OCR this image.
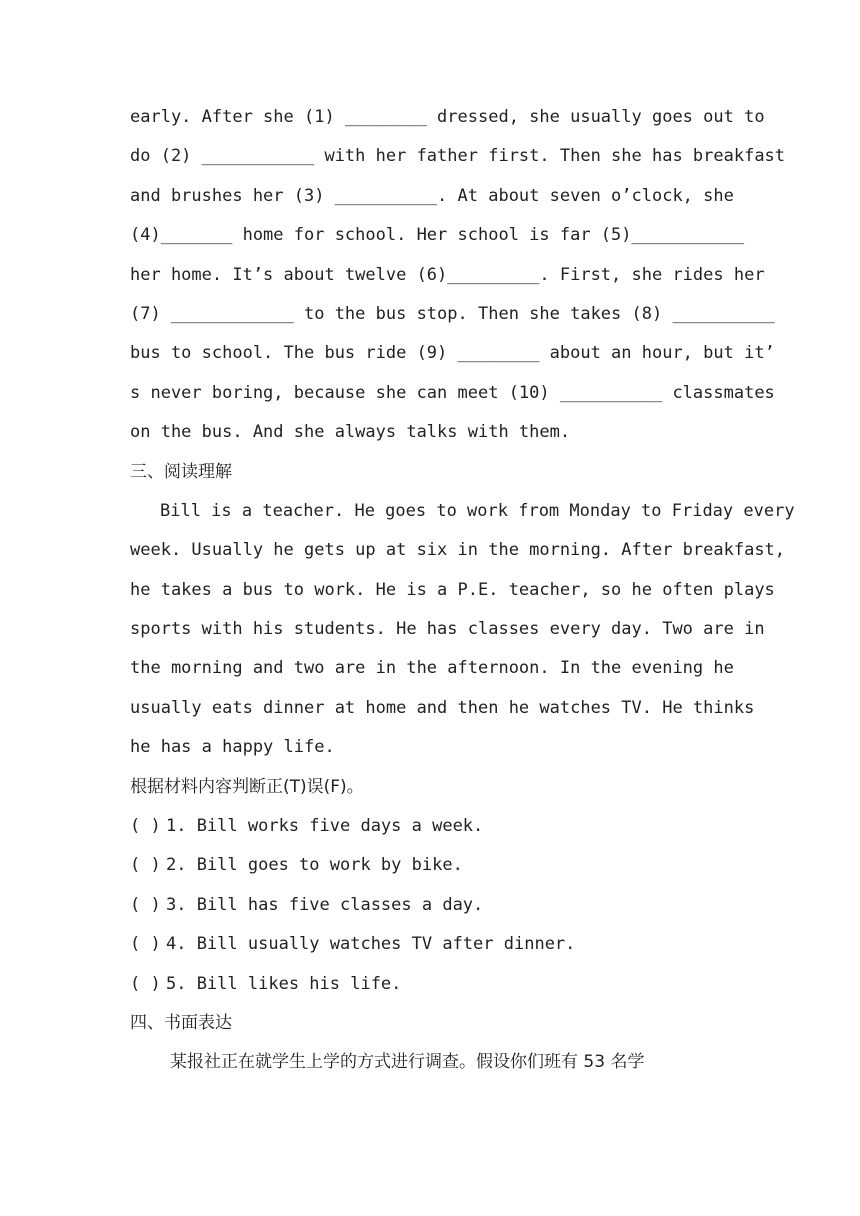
early. After she (1) ________ dressed, she usually goes out to
do (2) ___________ with her father first. Then she has breakfast
and brushes her (3) __________. At about seven o’clock, she
(4)_______ home for school. Her school is far (5)___________
her home. It’s about twelve (6)_________. First, she rides her
(7) ____________ to the bus stop. Then she takes (8) __________
bus to school. The bus ride (9) ________ about an hour, but it’
s never boring, because she can meet (10) __________ classmates
on the bus. And she always talks with them.
三、阅读理解
Bill is a teacher. He goes to work from Monday to Friday every
week. Usually he gets up at six in the morning. After breakfast,
he takes a bus to work. He is a P.E. teacher, so he often plays
sports with his students. He has classes every day. Two are in
the morning and two are in the afternoon. In the evening he
usually eats dinner at home and then he watches TV. He thinks
he has a happy life.
根据材料内容判断正(T)误(F)。
( ) 1. Bill works five days a week.
( ) 2. Bill goes to work by bike.
( ) 3. Bill has five classes a day.
( ) 4. Bill usually watches TV after dinner.
( ) 5. Bill likes his life.
四、书面表达
某报社正在就学生上学的方式进行调查。假设你们班有 53 名学
